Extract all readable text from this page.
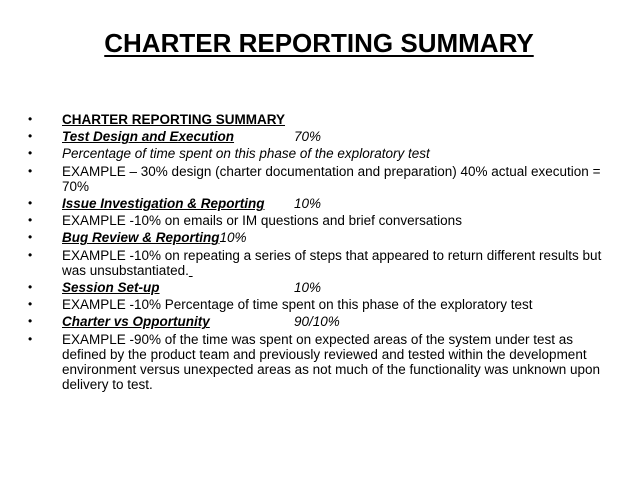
CHARTER REPORTING SUMMARY
•	CHARTER REPORTING SUMMARY
•	Test Design and Execution	70%
•	Percentage of time spent on this phase of the exploratory test
•	EXAMPLE – 30% design (charter documentation and preparation) 40% actual execution = 70%
•	Issue Investigation & Reporting 10%
•	EXAMPLE -10% on emails or IM questions and brief conversations
•	Bug Review & Reporting10%
•	EXAMPLE -10% on repeating a series of steps that appeared to return different results but was unsubstantiated.
•	Session Set-up	10%
•	EXAMPLE -10% Percentage of time spent on this phase of the exploratory test
•	Charter vs Opportunity	90/10%
•	EXAMPLE -90% of the time was spent on expected areas of the system under test as defined by the product team and previously reviewed and tested within the development environment versus unexpected areas as not much of the functionality was unknown upon delivery to test.
